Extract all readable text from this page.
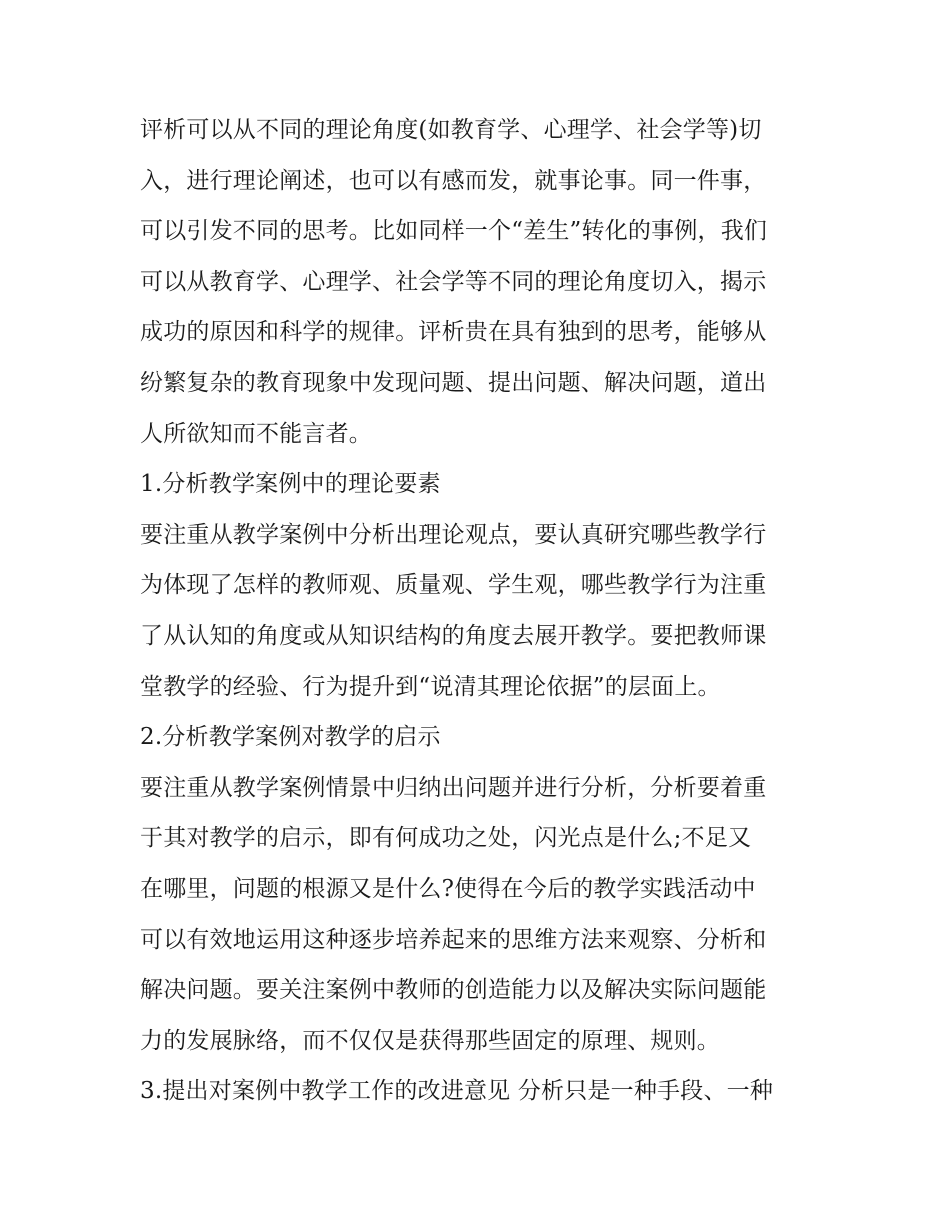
评析可以从不同的理论角度(如教育学、心理学、社会学等)切
入，进行理论阐述，也可以有感而发，就事论事。同一件事，
可以引发不同的思考。比如同样一个“差生”转化的事例，我们
可以从教育学、心理学、社会学等不同的理论角度切入，揭示
成功的原因和科学的规律。评析贵在具有独到的思考，能够从
纷繁复杂的教育现象中发现问题、提出问题、解决问题，道出
人所欲知而不能言者。
1.分析教学案例中的理论要素
要注重从教学案例中分析出理论观点，要认真研究哪些教学行
为体现了怎样的教师观、质量观、学生观，哪些教学行为注重
了从认知的角度或从知识结构的角度去展开教学。要把教师课
堂教学的经验、行为提升到“说清其理论依据”的层面上。
2.分析教学案例对教学的启示
要注重从教学案例情景中归纳出问题并进行分析，分析要着重
于其对教学的启示，即有何成功之处，闪光点是什么;不足又
在哪里，问题的根源又是什么?使得在今后的教学实践活动中
可以有效地运用这种逐步培养起来的思维方法来观察、分析和
解决问题。要关注案例中教师的创造能力以及解决实际问题能
力的发展脉络，而不仅仅是获得那些固定的原理、规则。
3.提出对案例中教学工作的改进意见 分析只是一种手段、一种
